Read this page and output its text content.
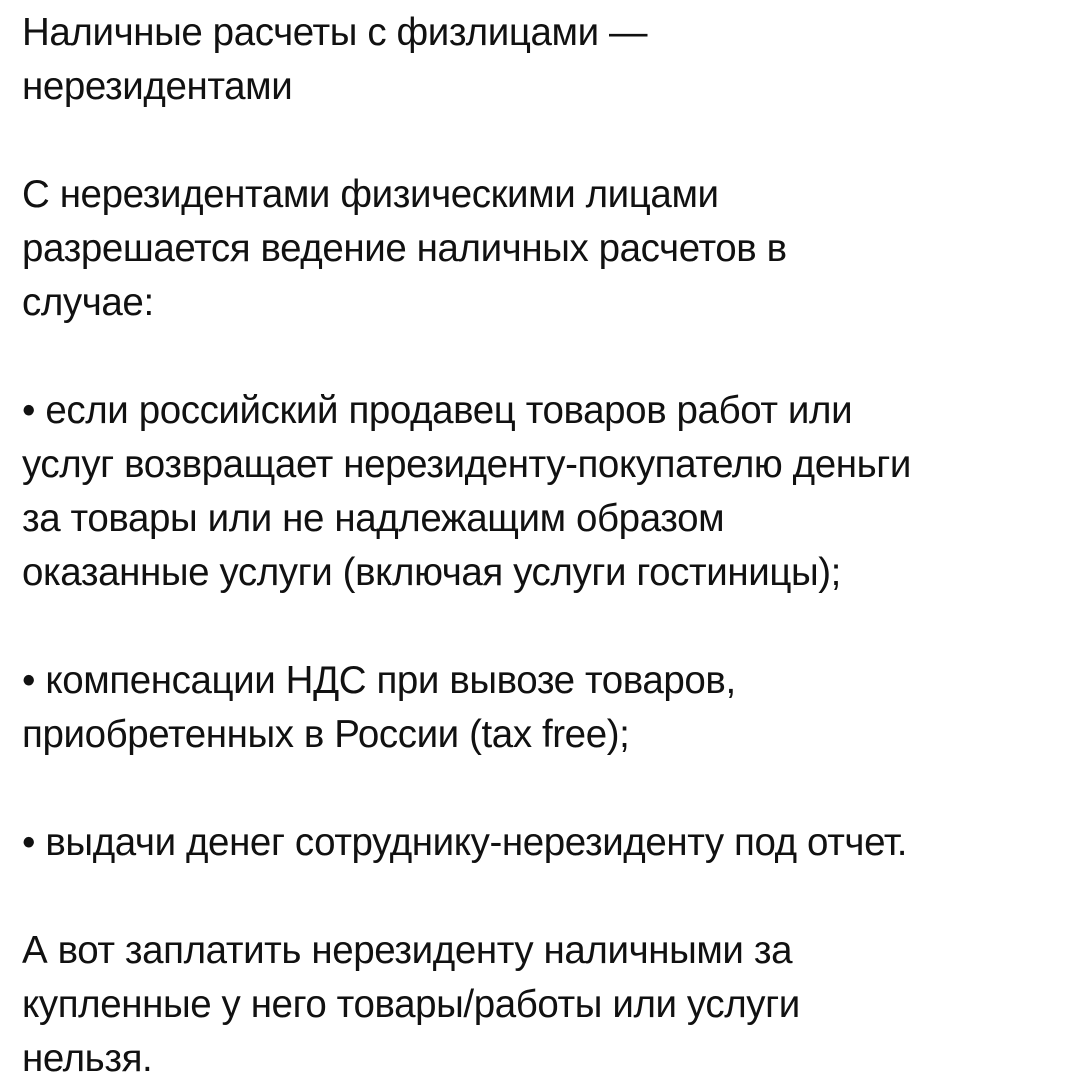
Наличные расчеты с физлицами —
нерезидентами

С нерезидентами физическими лицами
разрешается ведение наличных расчетов в
случае:

• если российский продавец товаров работ или
услуг возвращает нерезиденту-покупателю деньги
за товары или не надлежащим образом
оказанные услуги (включая услуги гостиницы);

• компенсации НДС при вывозе товаров,
приобретенных в России (tax free);

• выдачи денег сотруднику-нерезиденту под отчет.

А вот заплатить нерезиденту наличными за
купленные у него товары/работы или услуги
нельзя.
